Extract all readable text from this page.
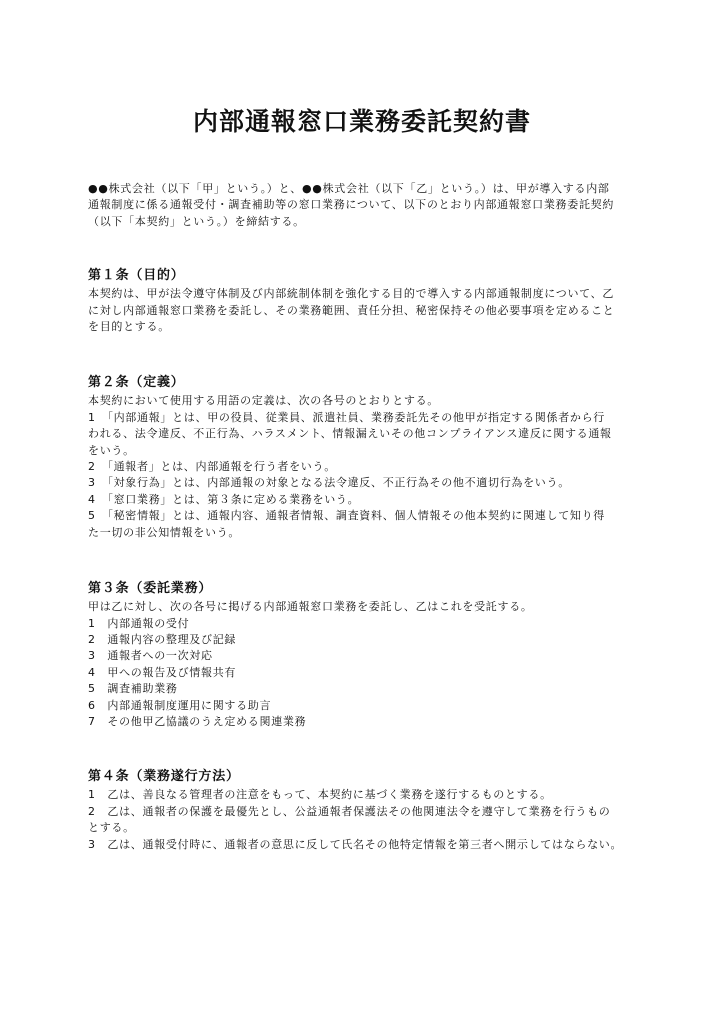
内部通報窓口業務委託契約書

●●株式会社（以下「甲」という。）と、●●株式会社（以下「乙」という。）は、甲が導入する内部

通報制度に係る通報受付・調査補助等の窓口業務について、以下のとおり内部通報窓口業務委託契約

（以下「本契約」という。）を締結する。

第１条（目的）

本契約は、甲が法令遵守体制及び内部統制体制を強化する目的で導入する内部通報制度について、乙

に対し内部通報窓口業務を委託し、その業務範囲、責任分担、秘密保持その他必要事項を定めること

を目的とする。

第２条（定義）

本契約において使用する用語の定義は、次の各号のとおりとする。

1　「内部通報」とは、甲の役員、従業員、派遣社員、業務委託先その他甲が指定する関係者から行

われる、法令違反、不正行為、ハラスメント、情報漏えいその他コンプライアンス違反に関する通報

をいう。

2　「通報者」とは、内部通報を行う者をいう。

3　「対象行為」とは、内部通報の対象となる法令違反、不正行為その他不適切行為をいう。

4　「窓口業務」とは、第３条に定める業務をいう。

5　「秘密情報」とは、通報内容、通報者情報、調査資料、個人情報その他本契約に関連して知り得

た一切の非公知情報をいう。

第３条（委託業務）

甲は乙に対し、次の各号に掲げる内部通報窓口業務を委託し、乙はこれを受託する。

1　内部通報の受付

2　通報内容の整理及び記録

3　通報者への一次対応

4　甲への報告及び情報共有

5　調査補助業務

6　内部通報制度運用に関する助言

7　その他甲乙協議のうえ定める関連業務

第４条（業務遂行方法）

1　乙は、善良なる管理者の注意をもって、本契約に基づく業務を遂行するものとする。

2　乙は、通報者の保護を最優先とし、公益通報者保護法その他関連法令を遵守して業務を行うもの

とする。

3　乙は、通報受付時に、通報者の意思に反して氏名その他特定情報を第三者へ開示してはならない。
